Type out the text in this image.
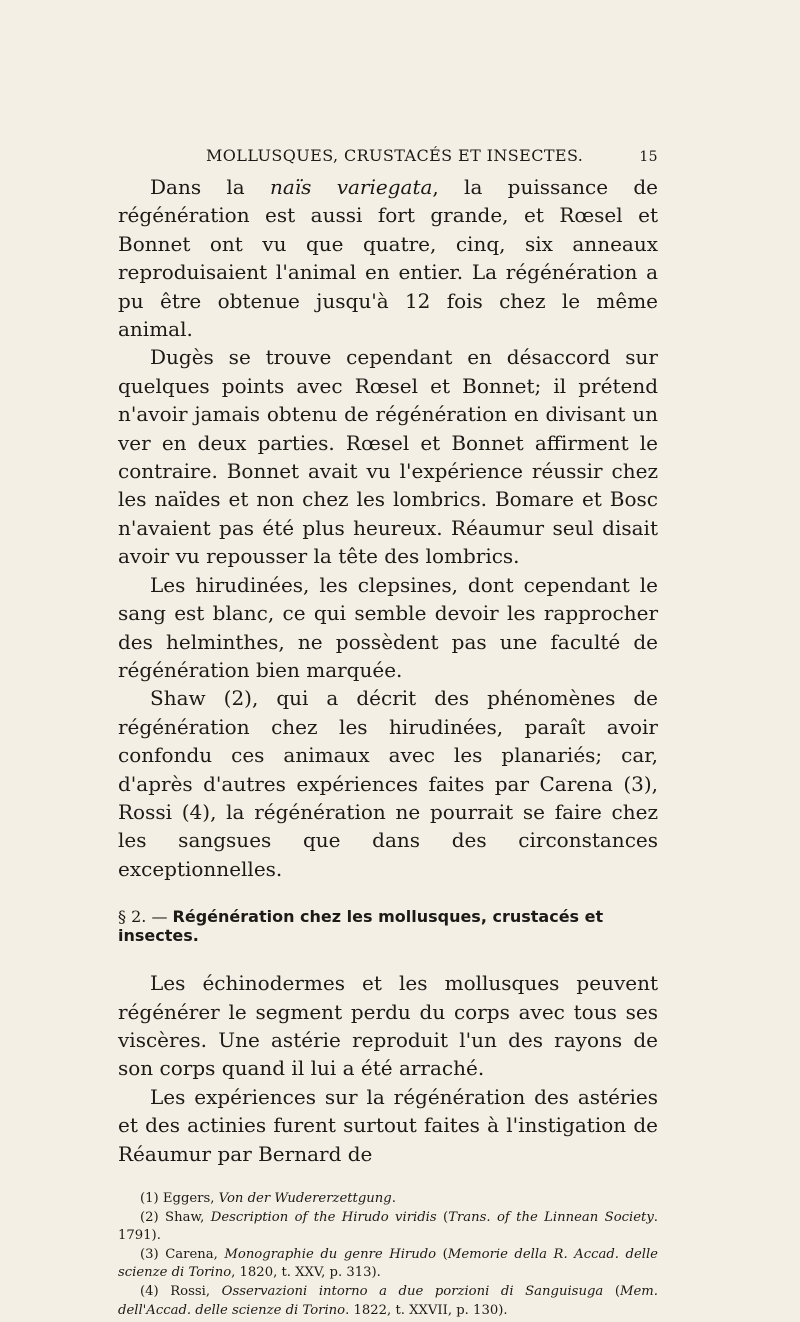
MOLLUSQUES, CRUSTACÉS ET INSECTES.	15

Dans la naïs variegata, la puissance de régénération est aussi fort grande, et Rœsel et Bonnet ont vu que quatre, cinq, six anneaux reproduisaient l'animal en entier. La régénération a pu être obtenue jusqu'à 12 fois chez le même animal.

Dugès se trouve cependant en désaccord sur quelques points avec Rœsel et Bonnet; il prétend n'avoir jamais obtenu de régénération en divisant un ver en deux parties. Rœsel et Bonnet affirment le contraire. Bonnet avait vu l'expérience réussir chez les naïdes et non chez les lombrics. Bomare et Bosc n'avaient pas été plus heureux. Réaumur seul disait avoir vu repousser la tête des lombrics.

Les hirudinées, les clepsines, dont cependant le sang est blanc, ce qui semble devoir les rapprocher des helminthes, ne possèdent pas une faculté de régénération bien marquée.

Shaw (2), qui a décrit des phénomènes de régénération chez les hirudinées, paraît avoir confondu ces animaux avec les planariés; car, d'après d'autres expériences faites par Carena (3), Rossi (4), la régénération ne pourrait se faire chez les sangsues que dans des circonstances exceptionnelles.

§ 2. — Régénération chez les mollusques, crustacés et insectes.

Les échinodermes et les mollusques peuvent régénérer le segment perdu du corps avec tous ses viscères. Une astérie reproduit l'un des rayons de son corps quand il lui a été arraché.

Les expériences sur la régénération des astéries et des actinies furent surtout faites à l'instigation de Réaumur par Bernard de

(1) Eggers, Von der Wudererzettgung.

(2) Shaw, Description of the Hirudo viridis (Trans. of the Linnean Society. 1791).

(3) Carena, Monographie du genre Hirudo (Memorie della R. Accad. delle scienze di Torino, 1820, t. XXV, p. 313).

(4) Rossi, Osservazioni intorno a due porzioni di Sanguisuga (Mem. dell'Accad. delle scienze di Torino. 1822, t. XXVII, p. 130).
